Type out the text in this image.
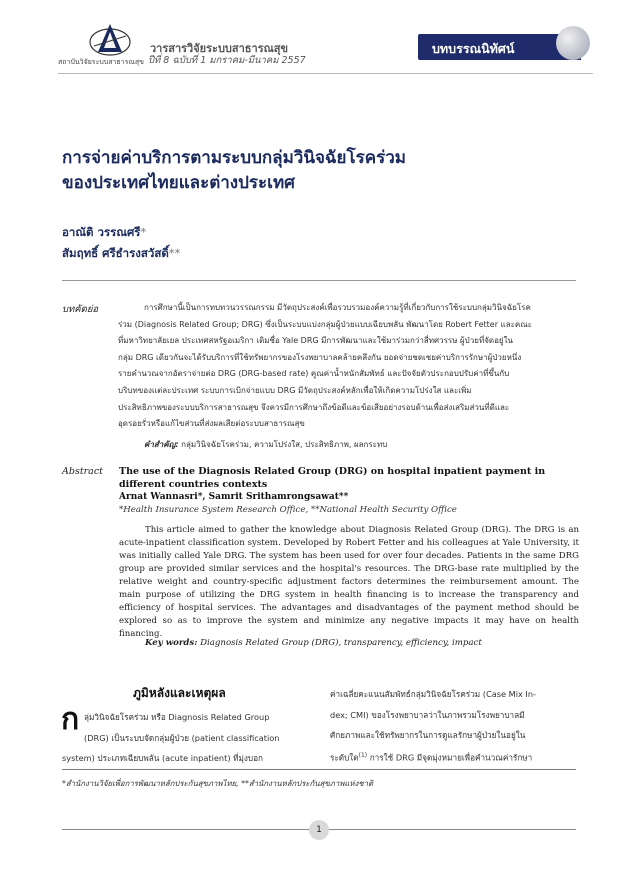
สถาบันวิจัยระบบสาธารณสุข
วารสารวิจัยระบบสาธารณสุข
ปีที่ 8 ฉบับที่ 1 มกราคม-มีนาคม 2557
บทบรรณนิทัศน์
การจ่ายค่าบริการตามระบบกลุ่มวินิจฉัยโรคร่วม
ของประเทศไทยและต่างประเทศ
อาณัติ วรรณศรี*
สัมฤทธิ์ ศรีธำรงสวัสดิ์**
บทคัดย่อ	การศึกษานี้เป็นการทบทวนวรรณกรรม มีวัตถุประสงค์เพื่อรวบรวมองค์ความรู้ที่เกี่ยวกับการใช้ระบบกลุ่มวินิจฉัยโรค
ร่วม (Diagnosis Related Group; DRG) ซึ่งเป็นระบบแบ่งกลุ่มผู้ป่วยแบบเฉียบพลัน พัฒนาโดย Robert Fetter และคณะ
ที่มหาวิทยาลัยเยล ประเทศสหรัฐอเมริกา เดิมชื่อ Yale DRG มีการพัฒนาและใช้มาร่วมกว่าสี่ทศวรรษ ผู้ป่วยที่จัดอยู่ใน
กลุ่ม DRG เดียวกันจะได้รับบริการที่ใช้ทรัพยากรของโรงพยาบาลคล้ายคลึงกัน ยอดจ่ายชดเชยค่าบริการรักษาผู้ป่วยหนึ่ง
รายคำนวณจากอัตราจ่ายต่อ DRG (DRG-based rate) คูณค่าน้ำหนักสัมพัทธ์ และปัจจัยตัวประกอบปรับค่าที่ขึ้นกับ
บริบทของแต่ละประเทศ ระบบการเบิกจ่ายแบบ DRG มีวัตถุประสงค์หลักเพื่อให้เกิดความโปร่งใส และเพิ่ม
ประสิทธิภาพของระบบบริการสาธารณสุข จึงควรมีการศึกษาถึงข้อดีและข้อเสียอย่างรอบด้านเพื่อส่งเสริมส่วนที่ดีและ
อุดรอยรั่วหรือแก้ไขส่วนที่ส่งผลเสียต่อระบบสาธารณสุข
คำสำคัญ: กลุ่มวินิจฉัยโรคร่วม, ความโปร่งใส, ประสิทธิภาพ, ผลกระทบ
Abstract The use of the Diagnosis Related Group (DRG) on hospital inpatient payment in different countries contexts
Arnat Wannasri*, Samrit Srithamrongsawat**
*Health Insurance System Research Office, **National Health Security Office
This article aimed to gather the knowledge about Diagnosis Related Group (DRG). The DRG is an acute-inpatient classification system. Developed by Robert Fetter and his colleagues at Yale University, it was initially called Yale DRG. The system has been used for over four decades. Patients in the same DRG group are provided similar services and the hospital's resources. The DRG-base rate multiplied by the relative weight and country-specific adjustment factors determines the reimbursement amount. The main purpose of utilizing the DRG system in health financing is to increase the transparency and efficiency of hospital services. The advantages and disadvantages of the payment method should be explored so as to improve the system and minimize any negative impacts it may have on health financing.
Key words: Diagnosis Related Group (DRG), transparency, efficiency, impact
ภูมิหลังและเหตุผล
ก ลุ่มวินิจฉัยโรคร่วม หรือ Diagnosis Related Group
(DRG) เป็นระบบจัดกลุ่มผู้ป่วย (patient classification
system) ประเภทเฉียบพลัน (acute inpatient) ที่มุ่งบอก
ค่าเฉลี่ยคะแนนสัมพัทธ์กลุ่มวินิจฉัยโรคร่วม (Case Mix In-
dex; CMI) ของโรงพยาบาลว่าในภาพรวมโรงพยาบาลมี
ศักยภาพและใช้ทรัพยากรในการดูแลรักษาผู้ป่วยในอยู่ใน
ระดับใด$^{(1)}$ การใช้ DRG มีจุดมุ่งหมายเพื่อคำนวณค่ารักษา
*สำนักงานวิจัยเพื่อการพัฒนาหลักประกันสุขภาพไทย, **สำนักงานหลักประกันสุขภาพแห่งชาติ
1
